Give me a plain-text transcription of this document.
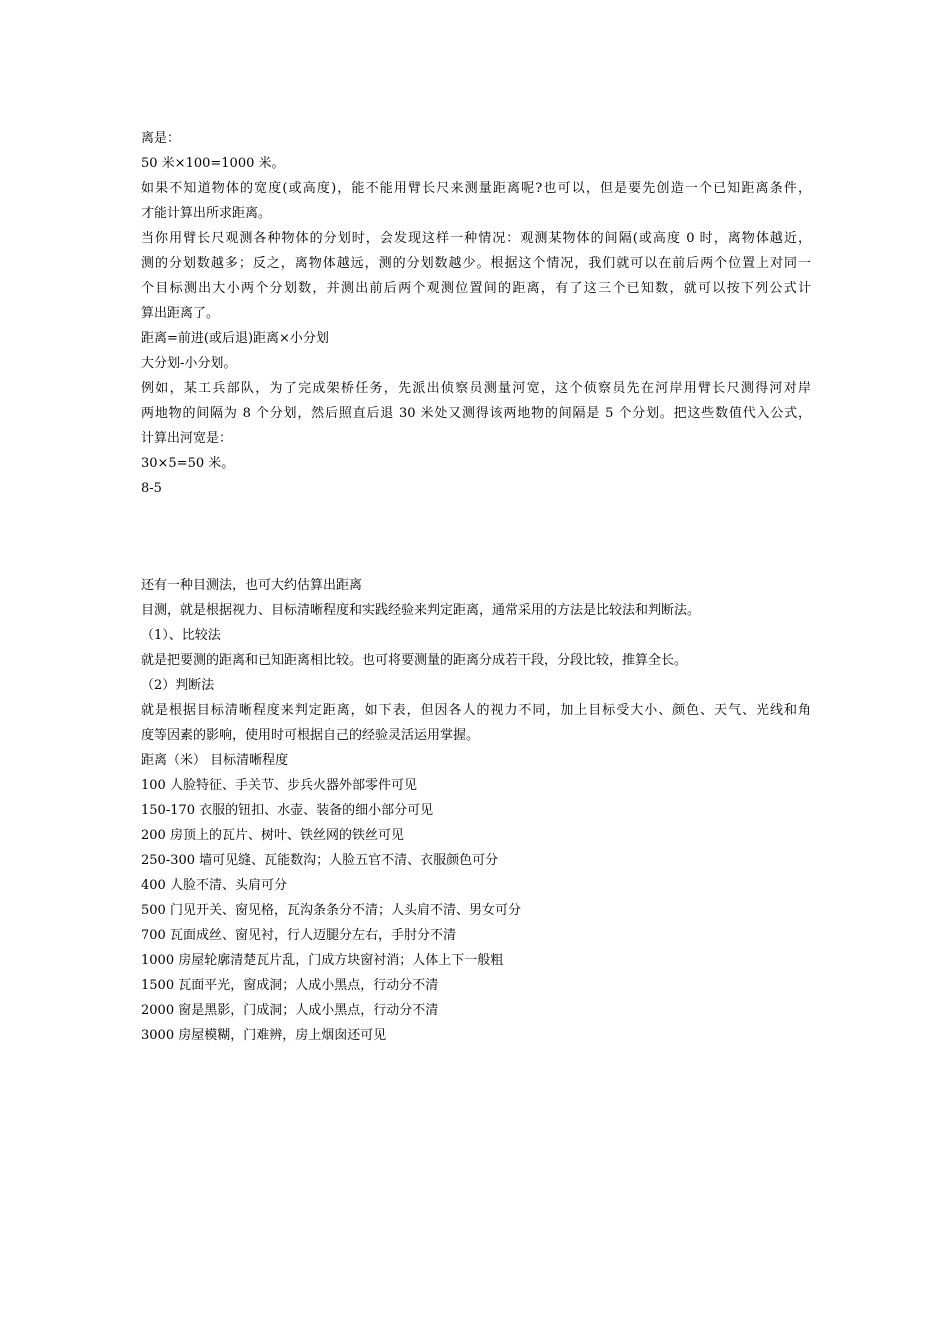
离是：
50 米×100=1000 米。
如果不知道物体的宽度(或高度)，能不能用臂长尺来测量距离呢?也可以，但是要先创造一个已知距离条件，
才能计算出所求距离。
当你用臂长尺观测各种物体的分划时，会发现这样一种情况：观测某物体的间隔(或高度 0 时，离物体越近，
测的分划数越多；反之，离物体越远，测的分划数越少。根据这个情况，我们就可以在前后两个位置上对同一
个目标测出大小两个分划数，并测出前后两个观测位置间的距离，有了这三个已知数，就可以按下列公式计
算出距离了。
距离=前进(或后退)距离×小分划
大分划-小分划。
例如，某工兵部队，为了完成架桥任务，先派出侦察员测量河宽，这个侦察员先在河岸用臂长尺测得河对岸
两地物的间隔为 8 个分划，然后照直后退 30 米处又测得该两地物的间隔是 5 个分划。把这些数值代入公式，
计算出河宽是：
30×5=50 米。
8-5
还有一种目测法，也可大约估算出距离
目测，就是根据视力、目标清晰程度和实践经验来判定距离，通常采用的方法是比较法和判断法。
（1）、比较法
就是把要测的距离和已知距离相比较。也可将要测量的距离分成若干段，分段比较，推算全长。
（2）判断法
就是根据目标清晰程度来判定距离，如下表，但因各人的视力不同，加上目标受大小、颜色、天气、光线和角
度等因素的影响，使用时可根据自己的经验灵活运用掌握。
距离（米） 目标清晰程度
100 人脸特征、手关节、步兵火器外部零件可见
150-170 衣服的钮扣、水壶、装备的细小部分可见
200 房顶上的瓦片、树叶、铁丝网的铁丝可见
250-300 墙可见缝、瓦能数沟；人脸五官不清、衣服颜色可分
400 人脸不清、头肩可分
500 门见开关、窗见格，瓦沟条条分不清；人头肩不清、男女可分
700 瓦面成丝、窗见衬，行人迈腿分左右，手肘分不清
1000 房屋轮廓清楚瓦片乱，门成方块窗衬消；人体上下一般粗
1500 瓦面平光，窗成洞；人成小黑点，行动分不清
2000 窗是黑影，门成洞；人成小黑点，行动分不清
3000 房屋模糊，门难辨，房上烟囱还可见
